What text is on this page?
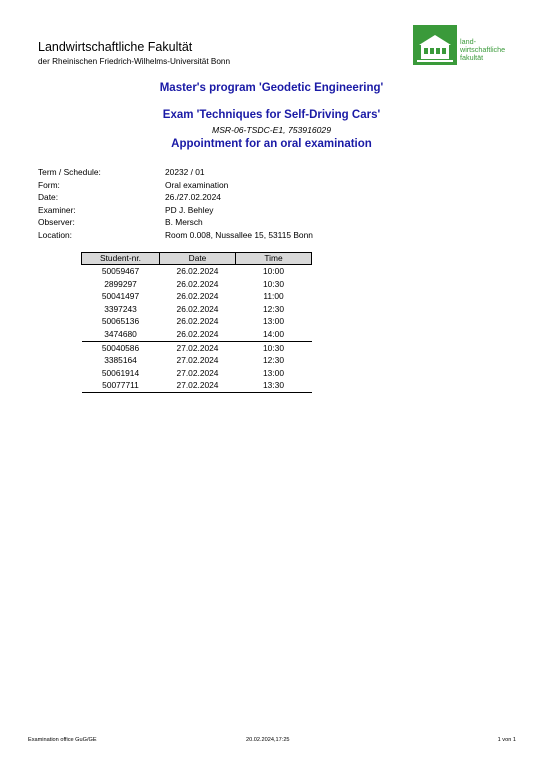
Landwirtschaftliche Fakultät
der Rheinischen Friedrich-Wilhelms-Universität Bonn
land-
wirtschaftliche
fakultät
Master's program 'Geodetic Engineering'
Exam 'Techniques for Self-Driving Cars'
MSR-06-TSDC-E1, 753916029
Appointment for an oral examination
Term / Schedule:	20232 / 01
Form:	Oral examination
Date:	26./27.02.2024
Examiner:	PD J. Behley
Observer:	B. Mersch
Location:	Room 0.008, Nussallee 15, 53115 Bonn
Student-nr.	Date	Time
50059467	26.02.2024	10:00
2899297	26.02.2024	10:30
50041497	26.02.2024	11:00
3397243	26.02.2024	12:30
50065136	26.02.2024	13:00
3474680	26.02.2024	14:00
50040586	27.02.2024	10:30
3385164	27.02.2024	12:30
50061914	27.02.2024	13:00
50077711	27.02.2024	13:30
Examination office GuG/GE	20.02.2024,17:25	1 von 1
